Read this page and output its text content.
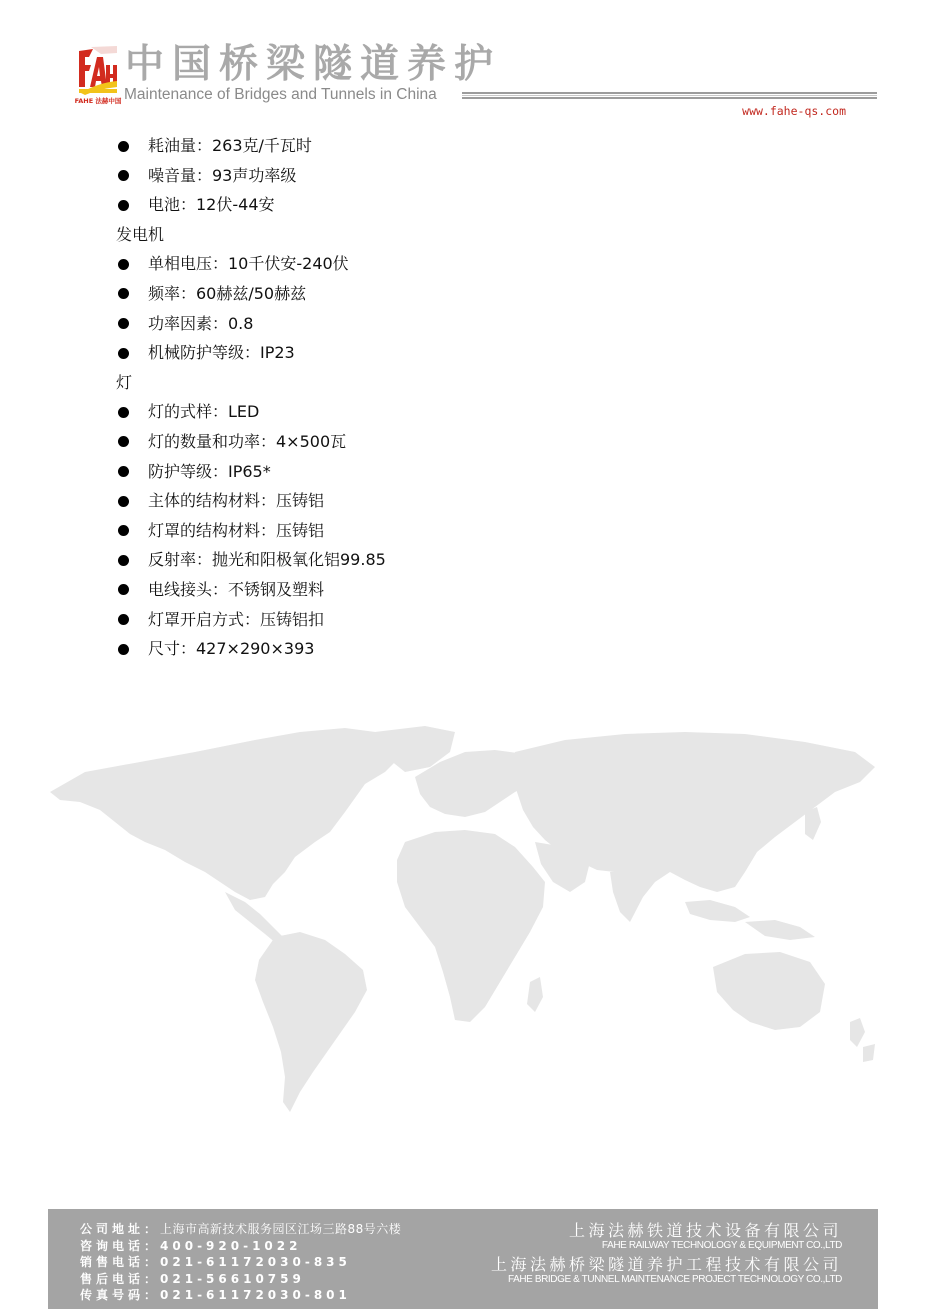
FAHE 法赫中国
中国桥梁隧道养护
Maintenance of Bridges and Tunnels in China
www.fahe-qs.com
耗油量：263克/千瓦时
噪音量：93声功率级
电池：12伏-44安
发电机
单相电压：10千伏安-240伏
频率：60赫兹/50赫兹
功率因素：0.8
机械防护等级：IP23
灯
灯的式样：LED
灯的数量和功率：4×500瓦
防护等级：IP65*
主体的结构材料：压铸铝
灯罩的结构材料：压铸铝
反射率：抛光和阳极氧化铝99.85
电线接头：不锈钢及塑料
灯罩开启方式：压铸铝扣
尺寸：427×290×393
公司地址：上海市高新技术服务园区江场三路88号六楼
咨询电话：400-920-1022
销售电话：021-61172030-835
售后电话：021-56610759
传真号码：021-61172030-801
上海法赫铁道技术设备有限公司
FAHE RAILWAY TECHNOLOGY & EQUIPMENT CO.,LTD
上海法赫桥梁隧道养护工程技术有限公司
FAHE BRIDGE & TUNNEL MAINTENANCE PROJECT TECHNOLOGY CO.,LTD
